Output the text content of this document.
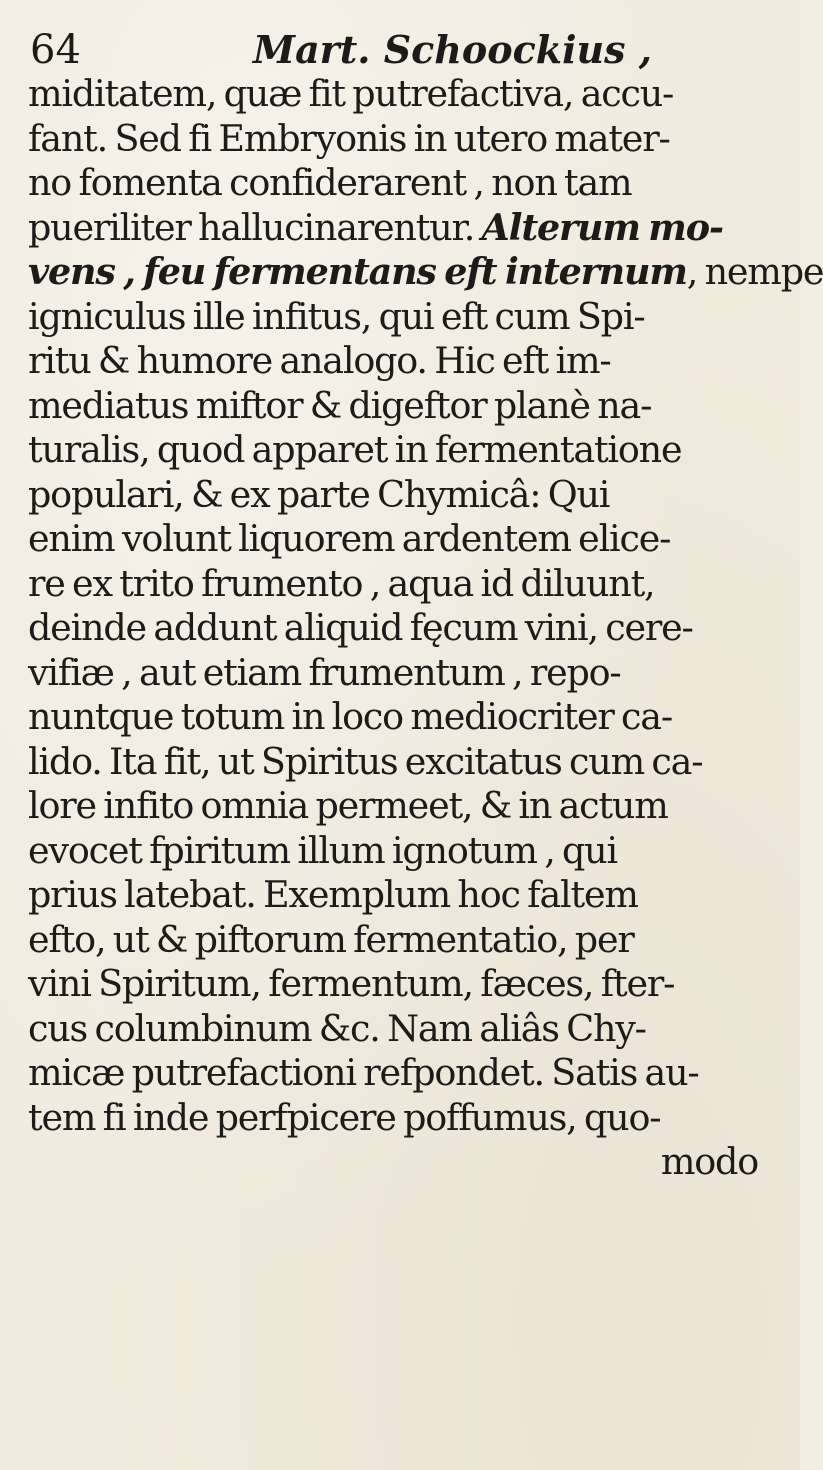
64	Mart. Schoockius ,
miditatem, quæ fit putrefactiva, accu-
fant. Sed fi Embryonis in utero mater-
no fomenta confiderarent , non tam
pueriliter hallucinarentur. Alterum mo-
vens , feu fermentans eft internum, nempe
igniculus ille infitus, qui eft cum Spi-
ritu & humore analogo. Hic eft im-
mediatus miftor & digeftor planè na-
turalis, quod apparet in fermentatione
populari, & ex parte Chymicâ: Qui
enim volunt liquorem ardentem elice-
re ex trito frumento , aqua id diluunt,
deinde addunt aliquid fęcum vini, cere-
vifiæ , aut etiam frumentum , repo-
nuntque totum in loco mediocriter ca-
lido. Ita fit, ut Spiritus excitatus cum ca-
lore infito omnia permeet, & in actum
evocet fpiritum illum ignotum , qui
prius latebat. Exemplum hoc faltem
efto, ut & piftorum fermentatio, per
vini Spiritum, fermentum, fæces, fter-
cus columbinum &c. Nam aliâs Chy-
micæ putrefactioni refpondet. Satis au-
tem fi inde perfpicere poffumus, quo-
modo
